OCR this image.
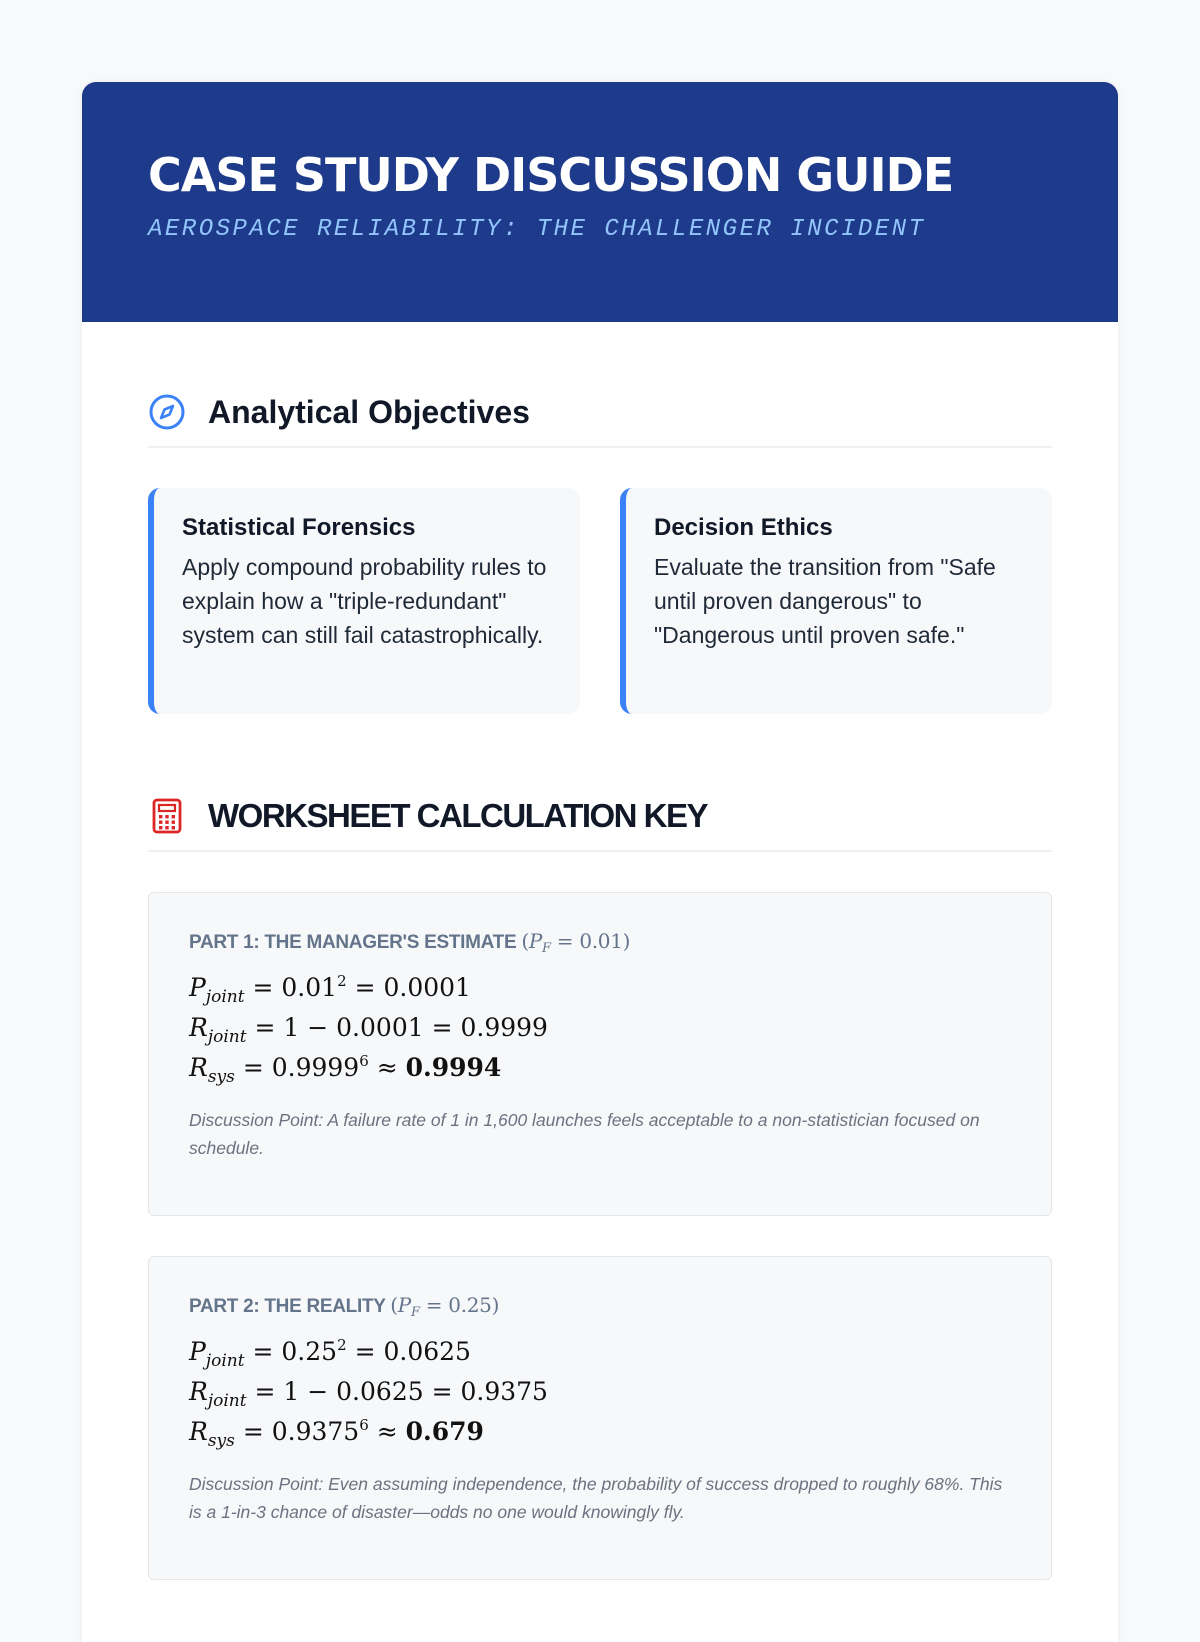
CASE STUDY DISCUSSION GUIDE
AEROSPACE RELIABILITY: THE CHALLENGER INCIDENT
Analytical Objectives
Statistical Forensics

Apply compound probability rules to explain how a "triple-redundant" system can still fail catastrophically.

Decision Ethics

Evaluate the transition from "Safe until proven dangerous" to "Dangerous until proven safe."

WORKSHEET CALCULATION KEY
PART 1: THE MANAGER'S ESTIMATE $(P_F = 0.01)$
$P_{joint} = 0.01^2 = 0.0001$
$R_{joint} = 1 - 0.0001 = 0.9999$
$R_{sys} = 0.9999^6 \approx 0.9994$
Discussion Point: A failure rate of 1 in 1,600 launches feels acceptable to a non-statistician focused on schedule.
PART 2: THE REALITY $(P_F = 0.25)$
$P_{joint} = 0.25^2 = 0.0625$
$R_{joint} = 1 - 0.0625 = 0.9375$
$R_{sys} = 0.9375^6 \approx 0.679$
Discussion Point: Even assuming independence, the probability of success dropped to roughly 68%. This is a 1-in-3 chance of disaster—odds no one would knowingly fly.
